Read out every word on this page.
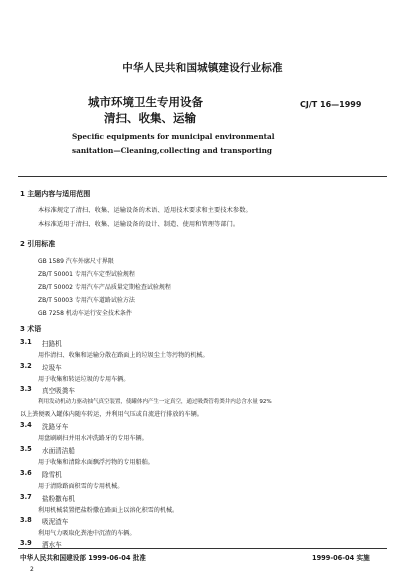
中华人民共和国城镇建设行业标准
城市环境卫生专用设备
清扫、收集、运输
CJ/T 16—1999
Specific equipments for municipal environmental
sanitation—Cleaning,collecting and transporting
1 主题内容与适用范围
本标准规定了清扫、收集、运输设备的术语、适用技术要求和主要技术参数。
本标准适用于清扫、收集、运输设备的设计、制造、使用和管理等部门。
2 引用标准
GB 1589 汽车外廓尺寸界限
ZB/T 50001 专用汽车定型试验规程
ZB/T 50002 专用汽车产品质量定期检查试验规程
ZB/T 50003 专用汽车道路试验方法
GB 7258 机动车运行安全技术条件
3 术语
3.1 扫路机
用作清扫、收集和运输分散在路面上的垃圾尘土等污物的机械。
3.2 垃圾车
用于收集和转运垃圾的专用车辆。
3.3 真空吸粪车
利用发动机动力驱动抽气真空装置，使罐体内产生一定真空，通过吸粪管将粪井内总含水量 92%
以上粪便吸入罐体内随车转运，并利用气压或自流进行排放的车辆。
3.4 洗路牙车
用盘刷刷扫并用水冲洗路牙的专用车辆。
3.5 水面清洁船
用于收集和清除水面飘浮污物的专用船舶。
3.6 除雪机
用于清除路面积雪的专用机械。
3.7 盐粉撒布机
利用机械装置把盐粉撒在路面上以溶化积雪的机械。
3.8 吸泥渣车
利用气力吸取化粪池中沉渣的车辆。
3.9 洒水车
中华人民共和国建设部 1999-06-04 批准	1999-06-04 实施
2
